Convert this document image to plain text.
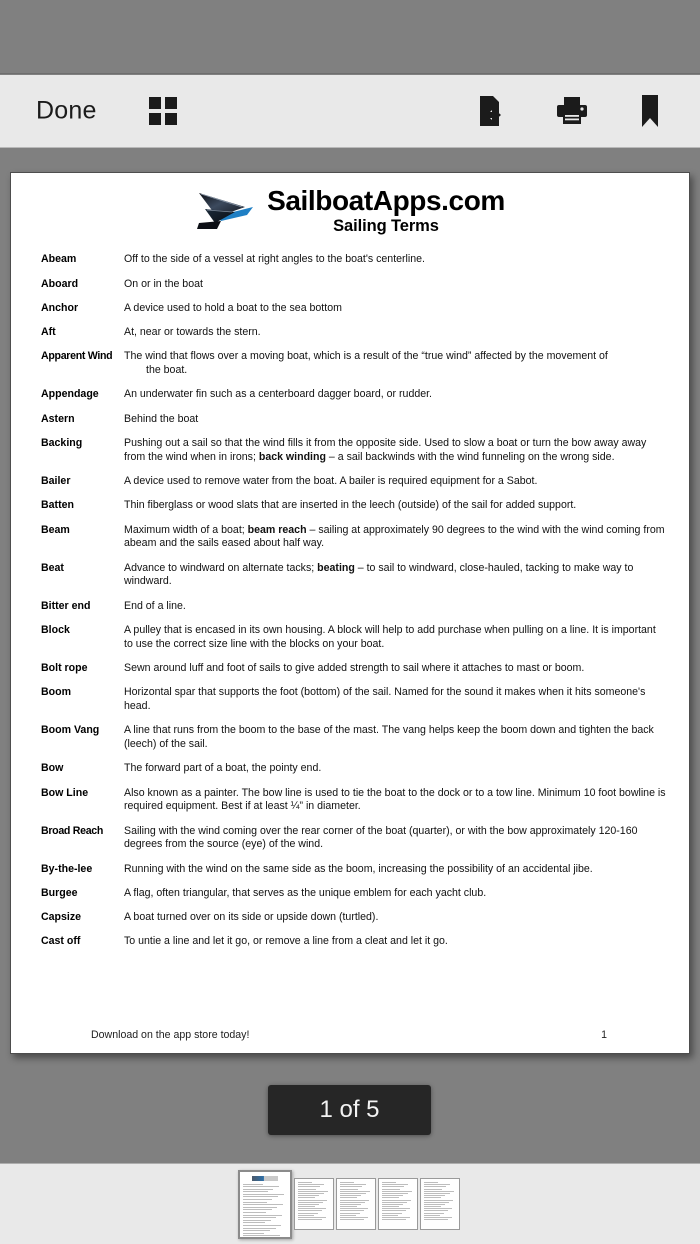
Done
SailboatApps.com
Sailing Terms
Abeam	Off to the side of a vessel at right angles to the boat's centerline.
Aboard	On or in the boat
Anchor	A device used to hold a boat to the sea bottom
Aft	At, near or towards the stern.
Apparent Wind	The wind that flows over a moving boat, which is a result of the “true wind” affected by the movement of
the boat.
Appendage	An underwater fin such as a centerboard dagger board, or rudder.
Astern	Behind the boat
Backing	Pushing out a sail so that the wind fills it from the opposite side. Used to slow a boat or turn the bow away away from the wind when in irons; back winding – a sail backwinds with the wind funneling on the wrong side.
Bailer	A device used to remove water from the boat. A bailer is required equipment for a Sabot.
Batten	Thin fiberglass or wood slats that are inserted in the leech (outside) of the sail for added support.
Beam	Maximum width of a boat; beam reach – sailing at approximately 90 degrees to the wind with the wind coming from abeam and the sails eased about half way.
Beat	Advance to windward on alternate tacks; beating – to sail to windward, close-hauled, tacking to make way to windward.
Bitter end	End of a line.
Block	A pulley that is encased in its own housing. A block will help to add purchase when pulling on a line. It is important to use the correct size line with the blocks on your boat.
Bolt rope	Sewn around luff and foot of sails to give added strength to sail where it attaches to mast or boom.
Boom	Horizontal spar that supports the foot (bottom) of the sail. Named for the sound it makes when it hits someone's head.
Boom Vang	A line that runs from the boom to the base of the mast. The vang helps keep the boom down and tighten the back (leech) of the sail.
Bow	The forward part of a boat, the pointy end.
Bow Line	Also known as a painter. The bow line is used to tie the boat to the dock or to a tow line. Minimum 10 foot bowline is required equipment. Best if at least ¼” in diameter.
Broad Reach	Sailing with the wind coming over the rear corner of the boat (quarter), or with the bow approximately 120-160 degrees from the source (eye) of the wind.
By-the-lee	Running with the wind on the same side as the boom, increasing the possibility of an accidental jibe.
Burgee	A flag, often triangular, that serves as the unique emblem for each yacht club.
Capsize	A boat turned over on its side or upside down (turtled).
Cast off	To untie a line and let it go, or remove a line from a cleat and let it go.
Download on the app store today!	1
1 of 5
